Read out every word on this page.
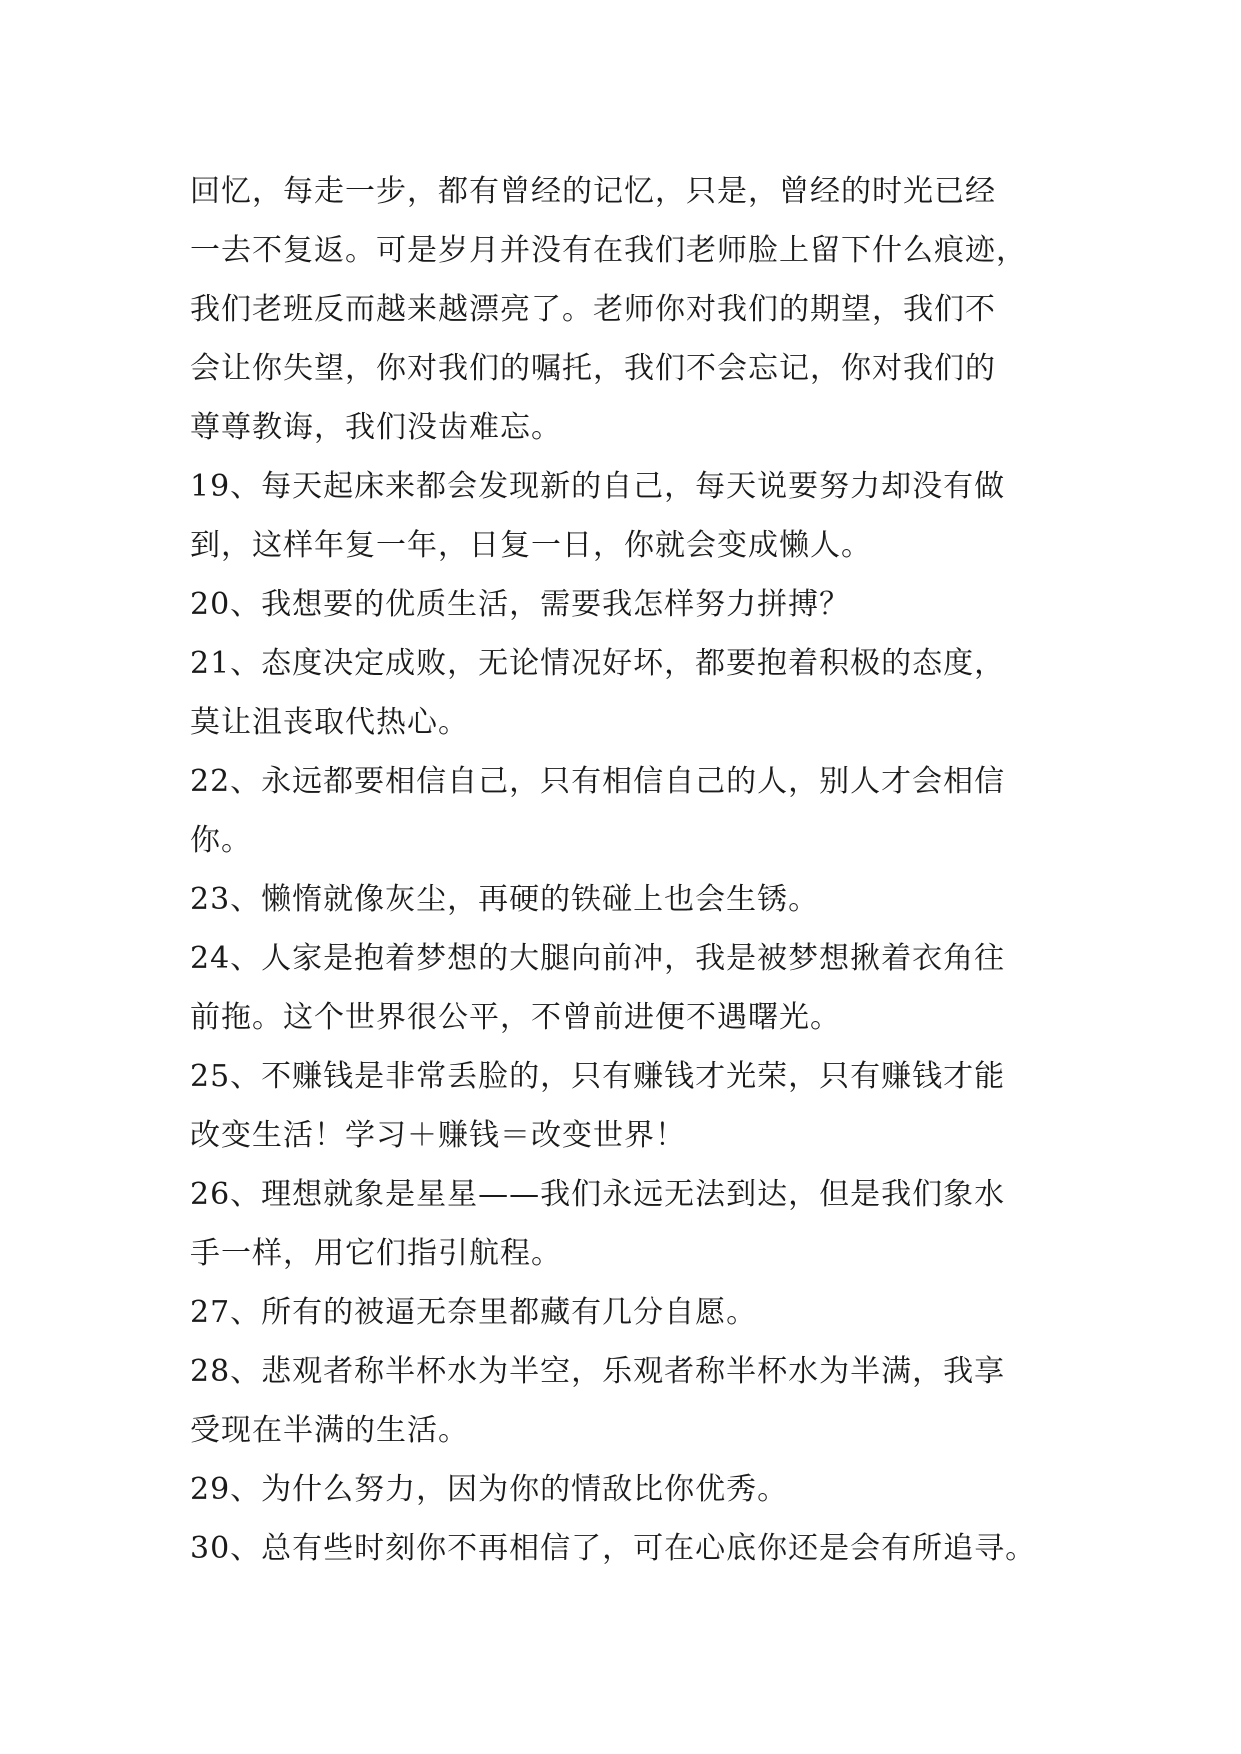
回忆，每走一步，都有曾经的记忆，只是，曾经的时光已经
一去不复返。可是岁月并没有在我们老师脸上留下什么痕迹，
我们老班反而越来越漂亮了。老师你对我们的期望，我们不
会让你失望，你对我们的嘱托，我们不会忘记，你对我们的
尊尊教诲，我们没齿难忘。
19、每天起床来都会发现新的自己，每天说要努力却没有做
到，这样年复一年，日复一日，你就会变成懒人。
20、我想要的优质生活，需要我怎样努力拼搏？
21、态度决定成败，无论情况好坏，都要抱着积极的态度，
莫让沮丧取代热心。
22、永远都要相信自己，只有相信自己的人，别人才会相信
你。
23、懒惰就像灰尘，再硬的铁碰上也会生锈。
24、人家是抱着梦想的大腿向前冲，我是被梦想揪着衣角往
前拖。这个世界很公平，不曾前进便不遇曙光。
25、不赚钱是非常丢脸的，只有赚钱才光荣，只有赚钱才能
改变生活！学习＋赚钱＝改变世界！
26、理想就象是星星——我们永远无法到达，但是我们象水
手一样，用它们指引航程。
27、所有的被逼无奈里都藏有几分自愿。
28、悲观者称半杯水为半空，乐观者称半杯水为半满，我享
受现在半满的生活。
29、为什么努力，因为你的情敌比你优秀。
30、总有些时刻你不再相信了，可在心底你还是会有所追寻。
